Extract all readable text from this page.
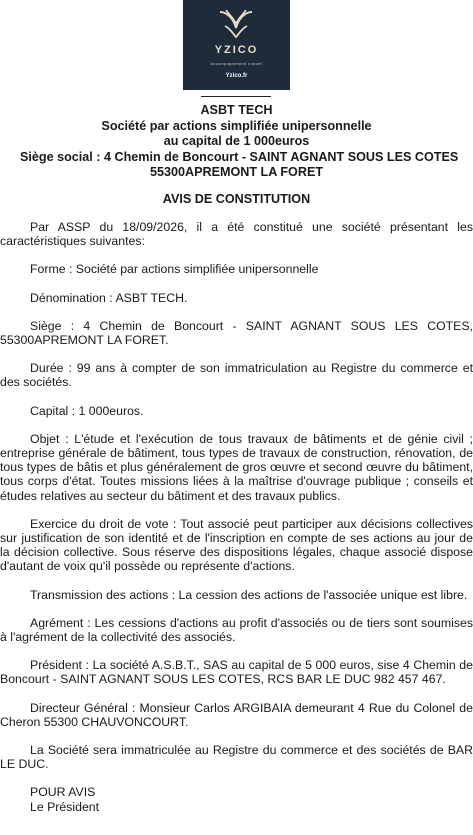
YZICO
Accompagnement conseil
Yzico.fr
ASBT TECH
Société par actions simplifiée unipersonnelle
au capital de 1 000euros
Siège social : 4 Chemin de Boncourt - SAINT AGNANT SOUS LES COTES
55300APREMONT LA FORET
AVIS DE CONSTITUTION

Par ASSP du 18/09/2026, il a été constitué une société présentant les caractéristiques suivantes:

Forme : Société par actions simplifiée unipersonnelle

Dénomination : ASBT TECH.

Siège : 4 Chemin de Boncourt - SAINT AGNANT SOUS LES COTES, 55300APREMONT LA FORET.

Durée : 99 ans à compter de son immatriculation au Registre du commerce et des sociétés.

Capital : 1 000euros.

Objet : L'étude et l'exécution de tous travaux de bâtiments et de génie civil ; entreprise générale de bâtiment, tous types de travaux de construction, rénovation, de tous types de bâtis et plus généralement de gros œuvre et second œuvre du bâtiment, tous corps d'état. Toutes missions liées à la maîtrise d'ouvrage publique ; conseils et études relatives au secteur du bâtiment et des travaux publics.

Exercice du droit de vote : Tout associé peut participer aux décisions collectives sur justification de son identité et de l'inscription en compte de ses actions au jour de la décision collective. Sous réserve des dispositions légales, chaque associé dispose d'autant de voix qu'il possède ou représente d'actions.

Transmission des actions : La cession des actions de l'associée unique est libre.

Agrément : Les cessions d'actions au profit d'associés ou de tiers sont soumises à l'agrément de la collectivité des associés.

Président : La société A.S.B.T., SAS au capital de 5 000 euros, sise 4 Chemin de Boncourt - SAINT AGNANT SOUS LES COTES, RCS BAR LE DUC 982 457 467.

Directeur Général : Monsieur Carlos ARGIBAIA demeurant 4 Rue du Colonel de Cheron 55300 CHAUVONCOURT.

La Société sera immatriculée au Registre du commerce et des sociétés de BAR LE DUC.

POUR AVIS

Le Président
